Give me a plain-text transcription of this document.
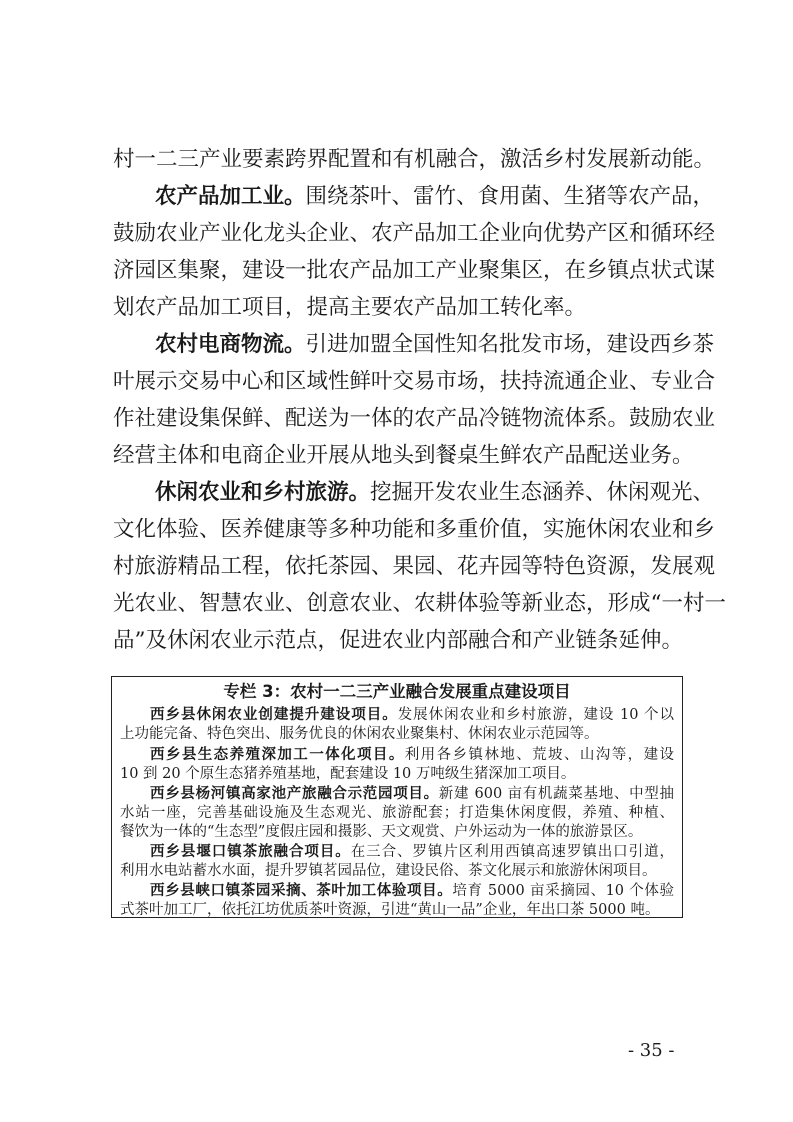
村一二三产业要素跨界配置和有机融合，激活乡村发展新动能。
农产品加工业。围绕茶叶、雷竹、食用菌、生猪等农产品，
鼓励农业产业化龙头企业、农产品加工企业向优势产区和循环经
济园区集聚，建设一批农产品加工产业聚集区，在乡镇点状式谋
划农产品加工项目，提高主要农产品加工转化率。
农村电商物流。引进加盟全国性知名批发市场，建设西乡茶
叶展示交易中心和区域性鲜叶交易市场，扶持流通企业、专业合
作社建设集保鲜、配送为一体的农产品冷链物流体系。鼓励农业
经营主体和电商企业开展从地头到餐桌生鲜农产品配送业务。
休闲农业和乡村旅游。挖掘开发农业生态涵养、休闲观光、
文化体验、医养健康等多种功能和多重价值，实施休闲农业和乡
村旅游精品工程，依托茶园、果园、花卉园等特色资源，发展观
光农业、智慧农业、创意农业、农耕体验等新业态，形成“一村一
品”及休闲农业示范点，促进农业内部融合和产业链条延伸。
专栏 3：农村一二三产业融合发展重点建设项目
西乡县休闲农业创建提升建设项目。发展休闲农业和乡村旅游，建设 10 个以
上功能完备、特色突出、服务优良的休闲农业聚集村、休闲农业示范园等。
西乡县生态养殖深加工一体化项目。利用各乡镇林地、荒坡、山沟等，建设
10 到 20 个原生态猪养殖基地，配套建设 10 万吨级生猪深加工项目。
西乡县杨河镇高家池产旅融合示范园项目。新建 600 亩有机蔬菜基地、中型抽
水站一座，完善基础设施及生态观光、旅游配套；打造集休闲度假，养殖、种植、
餐饮为一体的“生态型”度假庄园和摄影、天文观赏、户外运动为一体的旅游景区。
西乡县堰口镇茶旅融合项目。在三合、罗镇片区利用西镇高速罗镇出口引道，
利用水电站蓄水水面，提升罗镇茗园品位，建设民俗、茶文化展示和旅游休闲项目。
西乡县峡口镇茶园采摘、茶叶加工体验项目。培育 5000 亩采摘园、10 个体验
式茶叶加工厂，依托江坊优质茶叶资源，引进“黄山一品”企业，年出口茶 5000 吨。
- 35 -
